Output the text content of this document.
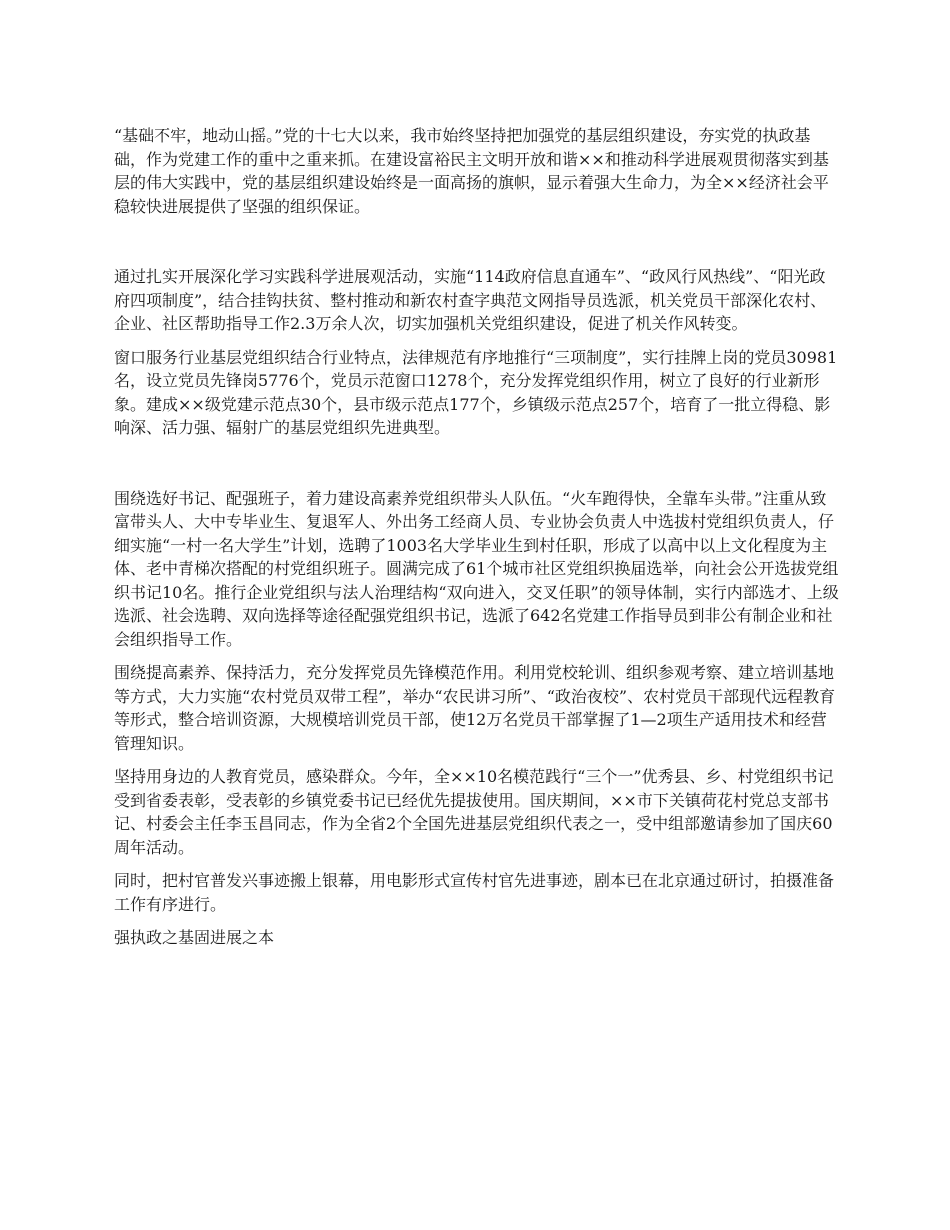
“基础不牢，地动山摇。”党的十七大以来，我市始终坚持把加强党的基层组织建设，夯实党的执政基础，作为党建工作的重中之重来抓。在建设富裕民主文明开放和谐××和推动科学进展观贯彻落实到基层的伟大实践中，党的基层组织建设始终是一面高扬的旗帜，显示着强大生命力，为全××经济社会平稳较快进展提供了坚强的组织保证。

通过扎实开展深化学习实践科学进展观活动，实施“114政府信息直通车”、“政风行风热线”、“阳光政府四项制度”，结合挂钩扶贫、整村推动和新农村查字典范文网指导员选派，机关党员干部深化农村、企业、社区帮助指导工作2.3万余人次，切实加强机关党组织建设，促进了机关作风转变。

窗口服务行业基层党组织结合行业特点，法律规范有序地推行“三项制度”，实行挂牌上岗的党员30981名，设立党员先锋岗5776个，党员示范窗口1278个，充分发挥党组织作用，树立了良好的行业新形象。建成××级党建示范点30个，县市级示范点177个，乡镇级示范点257个，培育了一批立得稳、影响深、活力强、辐射广的基层党组织先进典型。

围绕选好书记、配强班子，着力建设高素养党组织带头人队伍。“火车跑得快，全靠车头带。”注重从致富带头人、大中专毕业生、复退军人、外出务工经商人员、专业协会负责人中选拔村党组织负责人，仔细实施“一村一名大学生”计划，选聘了1003名大学毕业生到村任职，形成了以高中以上文化程度为主体、老中青梯次搭配的村党组织班子。圆满完成了61个城市社区党组织换届选举，向社会公开选拔党组织书记10名。推行企业党组织与法人治理结构“双向进入，交叉任职”的领导体制，实行内部选才、上级选派、社会选聘、双向选择等途径配强党组织书记，选派了642名党建工作指导员到非公有制企业和社会组织指导工作。

围绕提高素养、保持活力，充分发挥党员先锋模范作用。利用党校轮训、组织参观考察、建立培训基地等方式，大力实施“农村党员双带工程”，举办“农民讲习所”、“政治夜校”、农村党员干部现代远程教育等形式，整合培训资源，大规模培训党员干部，使12万名党员干部掌握了1—2项生产适用技术和经营管理知识。

坚持用身边的人教育党员，感染群众。今年，全××10名模范践行“三个一”优秀县、乡、村党组织书记受到省委表彰，受表彰的乡镇党委书记已经优先提拔使用。国庆期间，××市下关镇荷花村党总支部书记、村委会主任李玉昌同志，作为全省2个全国先进基层党组织代表之一，受中组部邀请参加了国庆60周年活动。

同时，把村官普发兴事迹搬上银幕，用电影形式宣传村官先进事迹，剧本已在北京通过研讨，拍摄准备工作有序进行。

强执政之基固进展之本
